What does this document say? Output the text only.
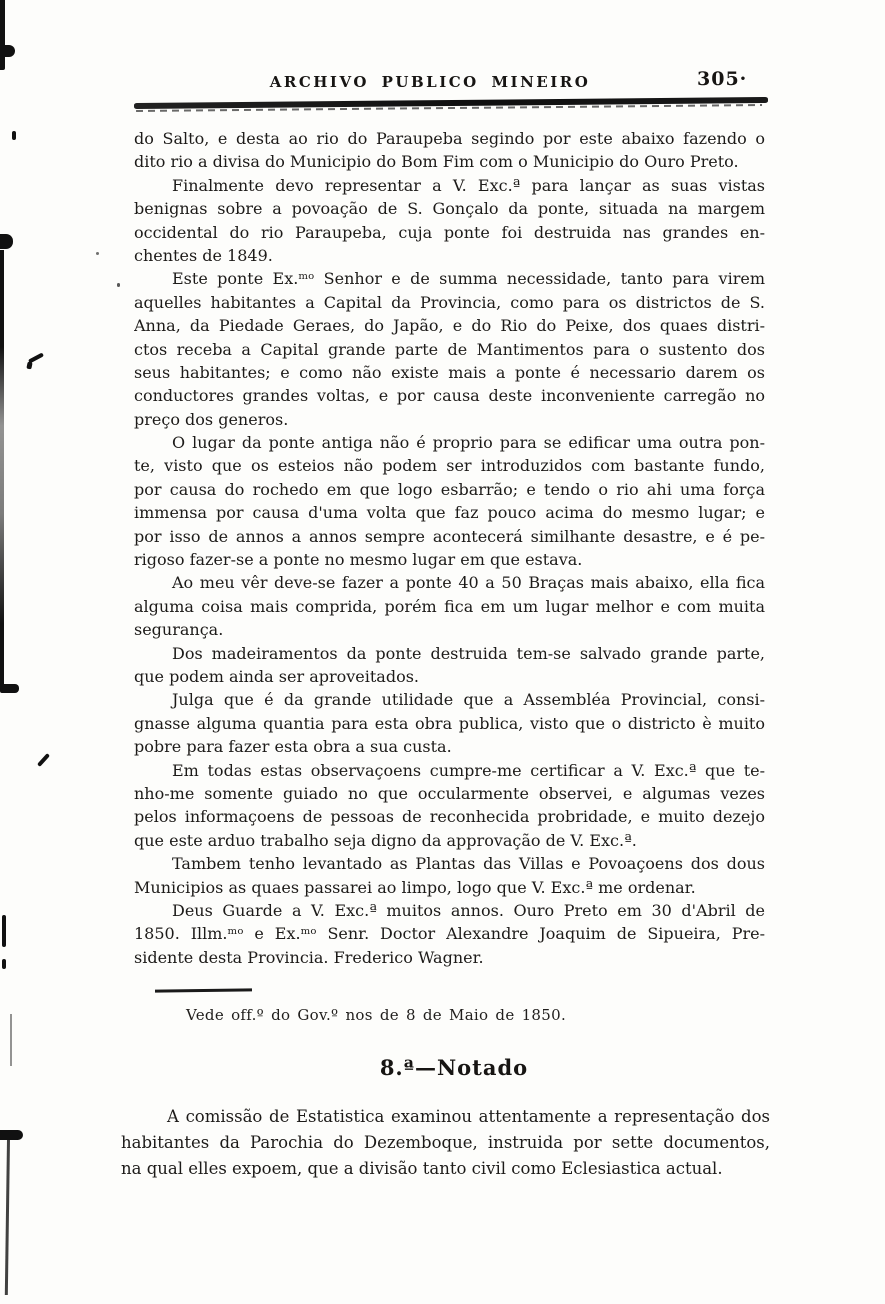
ARCHIVO PUBLICO MINEIRO	305·
do Salto, e desta ao rio do Paraupeba segindo por este abaixo fazendo o
dito rio a divisa do Municipio do Bom Fim com o Municipio do Ouro Preto.
Finalmente devo representar a V. Exc.ª para lançar as suas vistas
benignas sobre a povoação de S. Gonçalo da ponte, situada na margem
occidental do rio Paraupeba, cuja ponte foi destruida nas grandes en-
chentes de 1849.
Este ponte Ex.ᵐᵒ Senhor e de summa necessidade, tanto para virem
aquelles habitantes a Capital da Provincia, como para os districtos de S.
Anna, da Piedade Geraes, do Japão, e do Rio do Peixe, dos quaes distri-
ctos receba a Capital grande parte de Mantimentos para o sustento dos
seus habitantes; e como não existe mais a ponte é necessario darem os
conductores grandes voltas, e por causa deste inconveniente carregão no
preço dos generos.
O lugar da ponte antiga não é proprio para se edificar uma outra pon-
te, visto que os esteios não podem ser introduzidos com bastante fundo,
por causa do rochedo em que logo esbarrão; e tendo o rio ahi uma força
immensa por causa d'uma volta que faz pouco acima do mesmo lugar; e
por isso de annos a annos sempre acontecerá similhante desastre, e é pe-
rigoso fazer-se a ponte no mesmo lugar em que estava.
Ao meu vêr deve-se fazer a ponte 40 a 50 Braças mais abaixo, ella fica
alguma coisa mais comprida, porém fica em um lugar melhor e com muita
segurança.
Dos madeiramentos da ponte destruida tem-se salvado grande parte,
que podem ainda ser aproveitados.
Julga que é da grande utilidade que a Assembléa Provincial, consi-
gnasse alguma quantia para esta obra publica, visto que o districto è muito
pobre para fazer esta obra a sua custa.
Em todas estas observaçoens cumpre-me certificar a V. Exc.ª que te-
nho-me somente guiado no que occularmente observei, e algumas vezes
pelos informaçoens de pessoas de reconhecida probridade, e muito dezejo
que este arduo trabalho seja digno da approvação de V. Exc.ª.
Tambem tenho levantado as Plantas das Villas e Povoaçoens dos dous
Municipios as quaes passarei ao limpo, logo que V. Exc.ª me ordenar.
Deus Guarde a V. Exc.ª muitos annos. Ouro Preto em 30 d'Abril de
1850. Illm.ᵐᵒ e Ex.ᵐᵒ Senr. Doctor Alexandre Joaquim de Sipueira, Pre-
sidente desta Provincia. Frederico Wagner.
Vede off.º do Gov.º nos de 8 de Maio de 1850.
8.ª—Notado
A comissão de Estatistica examinou attentamente a representação dos
habitantes da Parochia do Dezemboque, instruida por sette documentos,
na qual elles expoem, que a divisão tanto civil como Eclesiastica actual.
